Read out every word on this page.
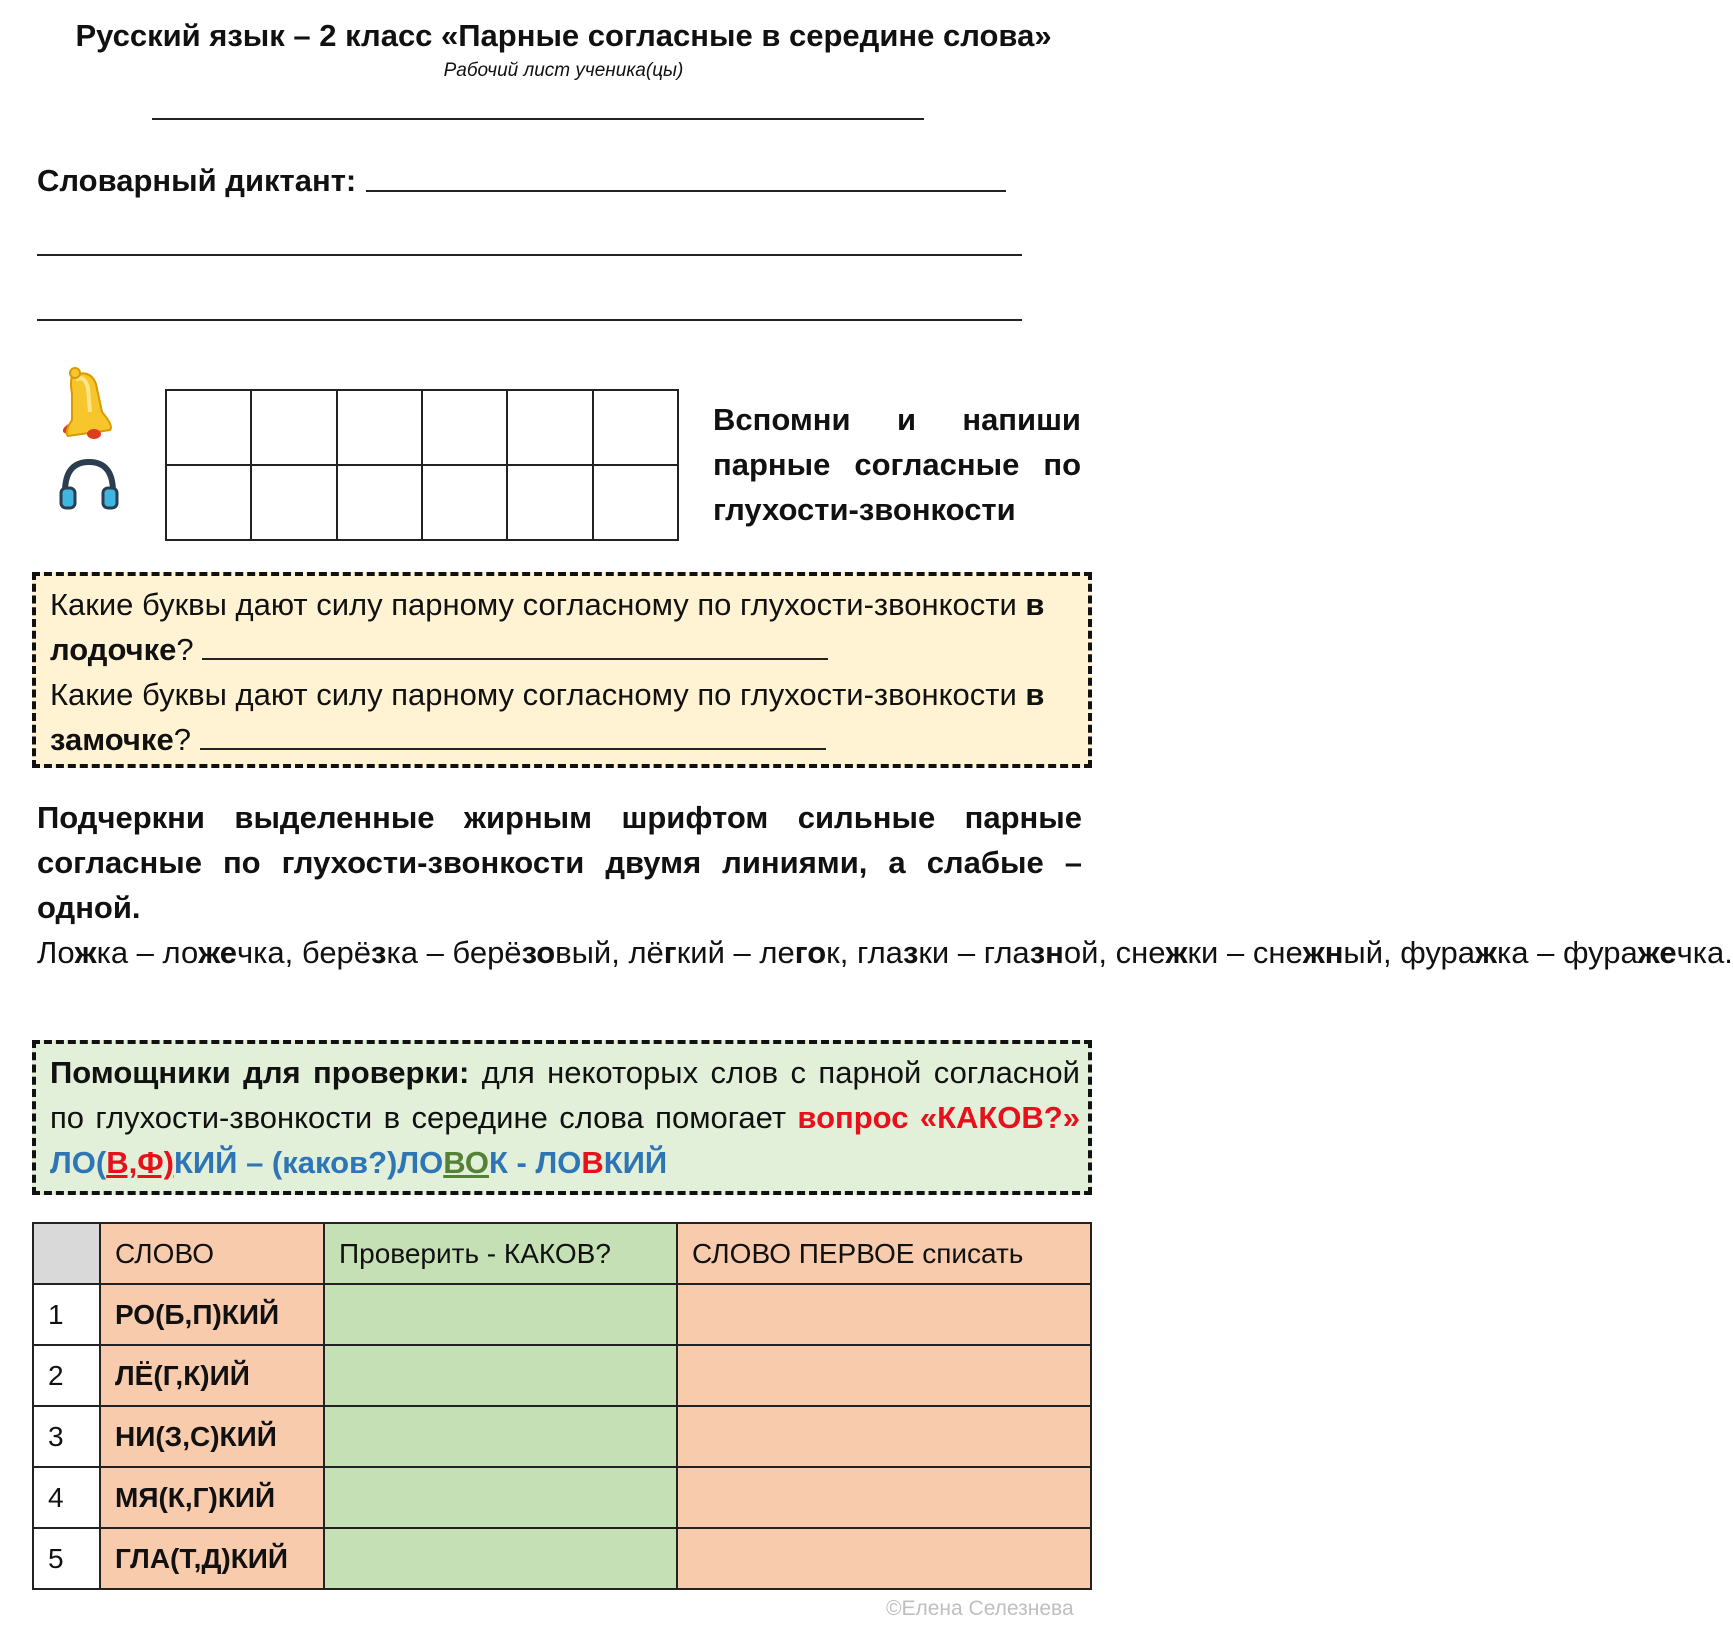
Русский язык – 2 класс «Парные согласные в середине слова»
Рабочий лист ученика(цы)
Словарный диктант:

Вспомни и напиши парные согласные по глухости-звонкости
Какие буквы дают силу парному согласному по глухости-звонкости в лодочке?
Какие буквы дают силу парному согласному по глухости-звонкости в замочке?
Подчеркни выделенные жирным шрифтом сильные парные согласные по глухости-звонкости двумя линиями, а слабые – одной.
Ложка – ложечка, берёзка – берёзовый, лёгкий – легок, глазки – глазной, снежки – снежный, фуражка – фуражечка.
Помощники для проверки: для некоторых слов с парной согласной по глухости-звонкости в середине слова помогает вопрос «КАКОВ?» ЛО(В,Ф)КИЙ – (каков?)ЛОВОК - ЛОВКИЙ
	СЛОВО	Проверить - КАКОВ?	СЛОВО ПЕРВОЕ списать
1	РО(Б,П)КИЙ		
2	ЛЁ(Г,К)ИЙ		
3	НИ(З,С)КИЙ		
4	МЯ(К,Г)КИЙ		
5	ГЛА(Т,Д)КИЙ		
©Елена Селезнева
